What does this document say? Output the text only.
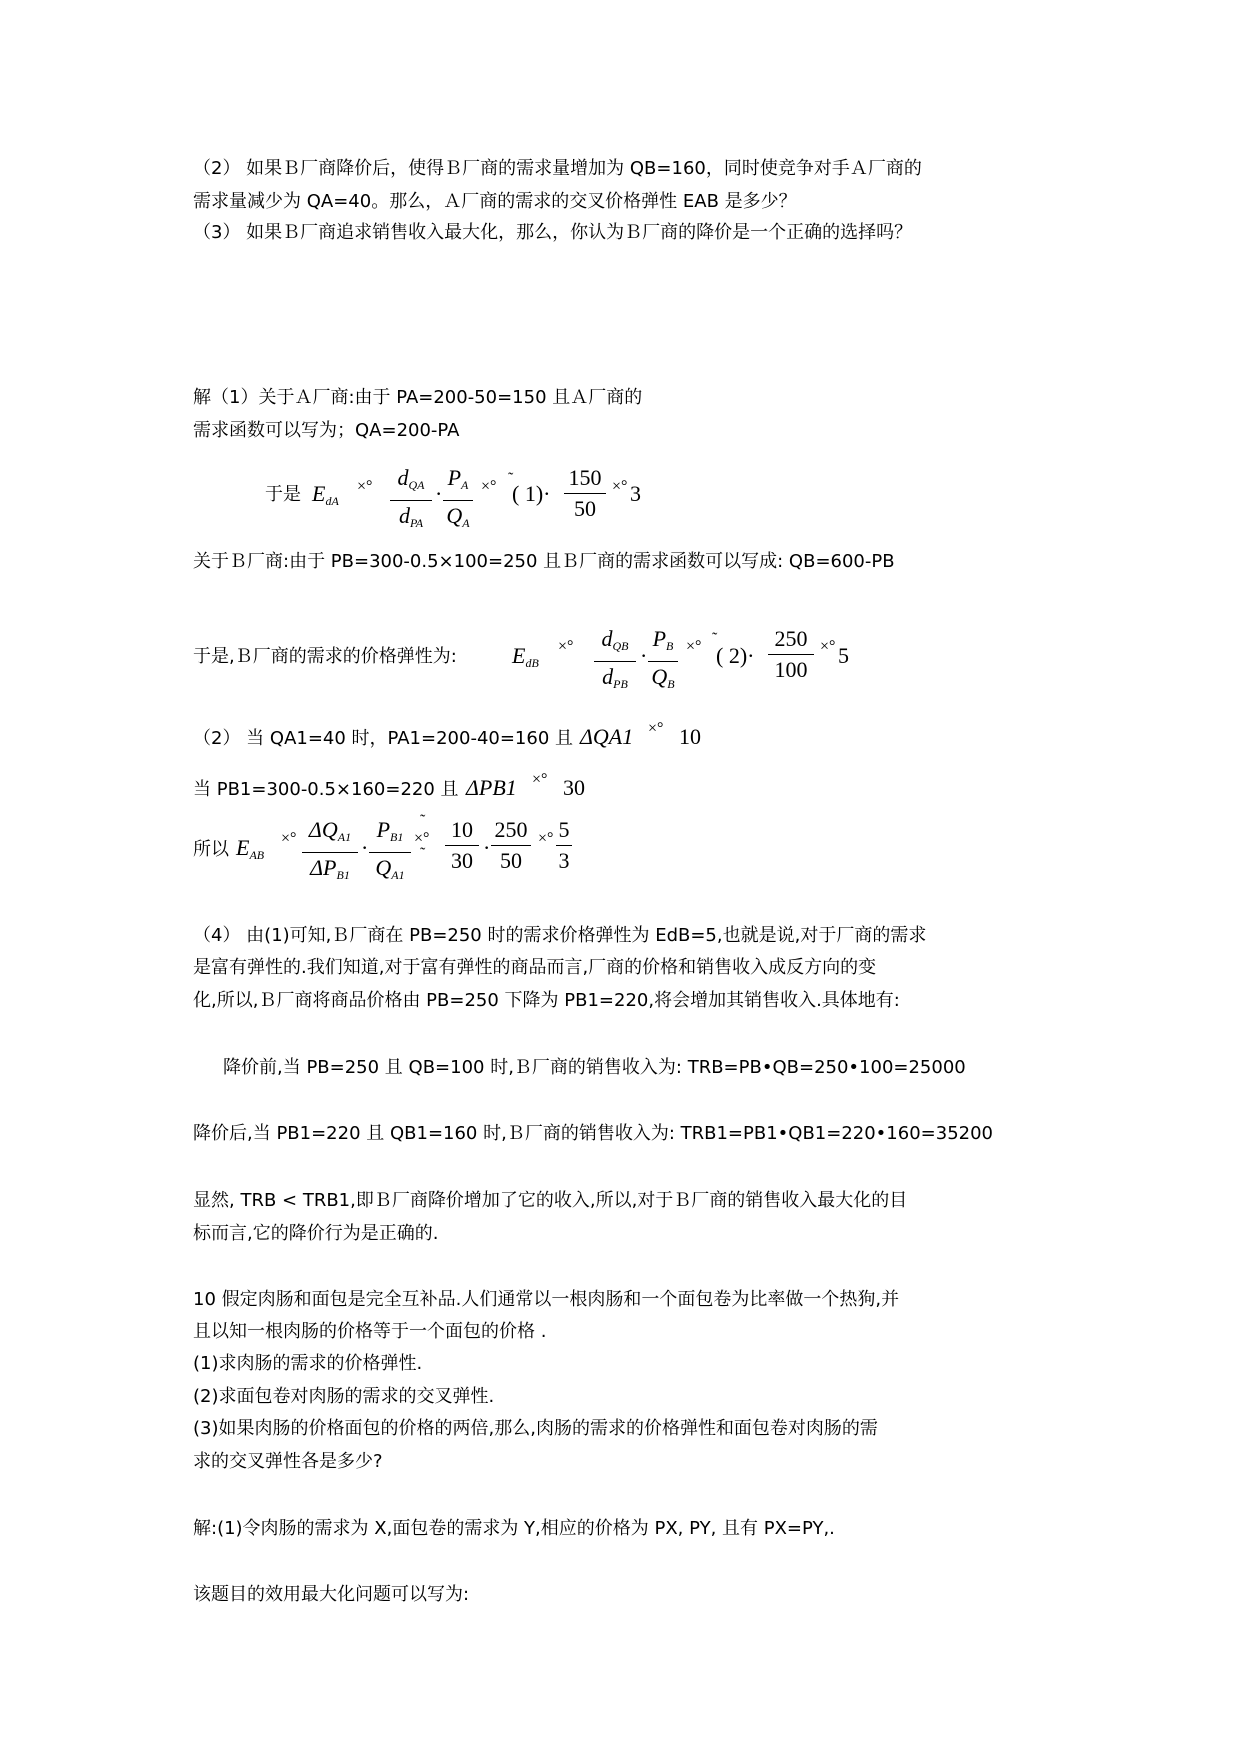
（2） 如果Ｂ厂商降价后，使得Ｂ厂商的需求量增加为 QB=160，同时使竞争对手Ａ厂商的
需求量减少为 QA=40。那么，Ａ厂商的需求的交叉价格弹性 EAB 是多少？
（3） 如果Ｂ厂商追求销售收入最大化，那么，你认为Ｂ厂商的降价是一个正确的选择吗？
解（1）关于Ａ厂商:由于 PA=200-50=150 且Ａ厂商的
需求函数可以写为；QA=200-PA
于是 $E_{dA}$
×°	$d_{QA}$
$d_{PA}$
·
$P_A$
$Q_A$
×° ˜
( 1)·
150
50
×° 3
关于Ｂ厂商:由于 PB=300-0.5×100=250 且Ｂ厂商的需求函数可以写成: QB=600-PB
于是,Ｂ厂商的需求的价格弹性为:	$E_{dB}$
×°	$d_{QB}$
$d_{PB}$
·
$P_B$
$Q_B$
×° ˜
( 2)·
250
100
×° 5
（2） 当 QA1=40 时，PA1=200-40=160 且 ΔQA1 ×° 10
当 PB1=300-0.5×160=220 且 ΔPB1 ×° 30
所以 $E_{AB}$
×° $\Delta Q_{A1}$
$\Delta P_{B1}$
·
$P_{B1}$
$Q_{A1}$
˜
×°
˜
10
30
·
250
50
×° 5
3
（4） 由(1)可知,Ｂ厂商在 PB=250 时的需求价格弹性为 EdB=5,也就是说,对于厂商的需求
是富有弹性的.我们知道,对于富有弹性的商品而言,厂商的价格和销售收入成反方向的变
化,所以,Ｂ厂商将商品价格由 PB=250 下降为 PB1=220,将会增加其销售收入.具体地有:
降价前,当 PB=250 且 QB=100 时,Ｂ厂商的销售收入为: TRB=PB•QB=250•100=25000
降价后,当 PB1=220 且 QB1=160 时,Ｂ厂商的销售收入为: TRB1=PB1•QB1=220•160=35200
显然, TRB < TRB1,即Ｂ厂商降价增加了它的收入,所以,对于Ｂ厂商的销售收入最大化的目
标而言,它的降价行为是正确的.
10 假定肉肠和面包是完全互补品.人们通常以一根肉肠和一个面包卷为比率做一个热狗,并
且以知一根肉肠的价格等于一个面包的价格 .
(1)求肉肠的需求的价格弹性.
(2)求面包卷对肉肠的需求的交叉弹性.
(3)如果肉肠的价格面包的价格的两倍,那么,肉肠的需求的价格弹性和面包卷对肉肠的需
求的交叉弹性各是多少?
解:(1)令肉肠的需求为 X,面包卷的需求为 Y,相应的价格为 PX, PY, 且有 PX=PY,.
该题目的效用最大化问题可以写为:
